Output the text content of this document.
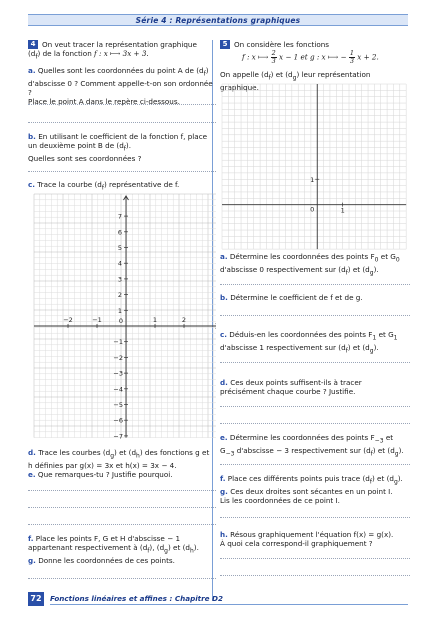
Série 4 : Représentations graphiques
4 On veut tracer la représentation graphique
$(d_f)$ de la fonction f : x ⟼ 3x + 3.
a. Quelles sont les coordonnées du point A de $(d_f)$
d'abscisse 0 ? Comment appelle-t-on son ordonnée ?
Place le point A dans le repère ci-dessous.
b. En utilisant le coefficient de la fonction f, place
un deuxième point B de $(d_f)$.
Quelles sont ses coordonnées ?
c. Trace la courbe $(d_f)$ représentative de f.
7
6
5
4
3
2
1
−1
−2
−3
−4
−5
−6
−7
−2	−1	1	2
0
d. Trace les courbes $(d_g)$ et $(d_h)$ des fonctions g et
h définies par g(x) = 3x et h(x) = 3x − 4.
e. Que remarques-tu ? Justifie pourquoi.
f. Place les points F, G et H d'abscisse − 1
appartenant respectivement à $(d_f)$, $(d_g)$ et $(d_h)$.
g. Donne les coordonnées de ces points.
5 On considère les fonctions
f : x ⟼ $\frac{2}{3}$ x − 1 et g : x ⟼ − $\frac{1}{3}$ x + 2.
On appelle $(d_f)$ et $(d_g)$ leur représentation graphique.
1
1
0
a. Détermine les coordonnées des points $F_0$ et $G_0$
d'abscisse 0 respectivement sur $(d_f)$ et $(d_g)$.
b. Détermine le coefficient de f et de g.
c. Déduis-en les coordonnées des points $F_1$ et $G_1$
d'abscisse 1 respectivement sur $(d_f)$ et $(d_g)$.
d. Ces deux points suffisent-ils à tracer
précisément chaque courbe ? Justifie.
e. Détermine les coordonnées des points $F_{-3}$ et
$G_{-3}$ d'abscisse − 3 respectivement sur $(d_f)$ et $(d_g)$.
f. Place ces différents points puis trace $(d_f)$ et $(d_g)$.
g. Ces deux droites sont sécantes en un point I.
Lis les coordonnées de ce point I.
h. Résous graphiquement l'équation f(x) = g(x).
À quoi cela correspond-il graphiquement ?
72	Fonctions linéaires et affines : Chapitre D2
